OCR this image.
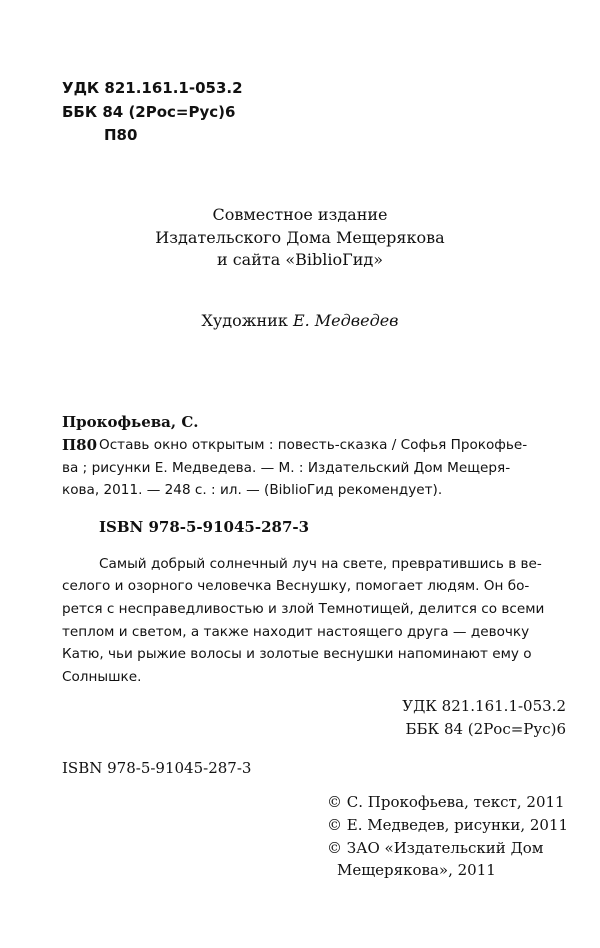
УДК 821.161.1-053.2
ББК 84 (2Рос=Рус)6
П80
Совместное издание
Издательского Дома Мещерякова
и сайта «BiblioГид»
Художник Е. Медведев
Прокофьева, С.
П80 Оставь окно открытым : повесть-сказка / Софья Прокофье-
ва ; рисунки Е. Медведева. — М. : Издательский Дом Мещеря-
кова, 2011. — 248 с. : ил. — (BiblioГид рекомендует).
ISBN 978-5-91045-287-3
Самый добрый солнечный луч на свете, превратившись в ве-
селого и озорного человечка Веснушку, помогает людям. Он бо-
рется с несправедливостью и злой Темнотищей, делится со всеми
теплом и светом, а также находит настоящего друга — девочку
Катю, чьи рыжие волосы и золотые веснушки напоминают ему о
Солнышке.
УДК 821.161.1-053.2
ББК 84 (2Рос=Рус)6
ISBN 978-5-91045-287-3
© С. Прокофьева, текст, 2011
© Е. Медведев, рисунки, 2011
© ЗАО «Издательский Дом
Мещерякова», 2011
